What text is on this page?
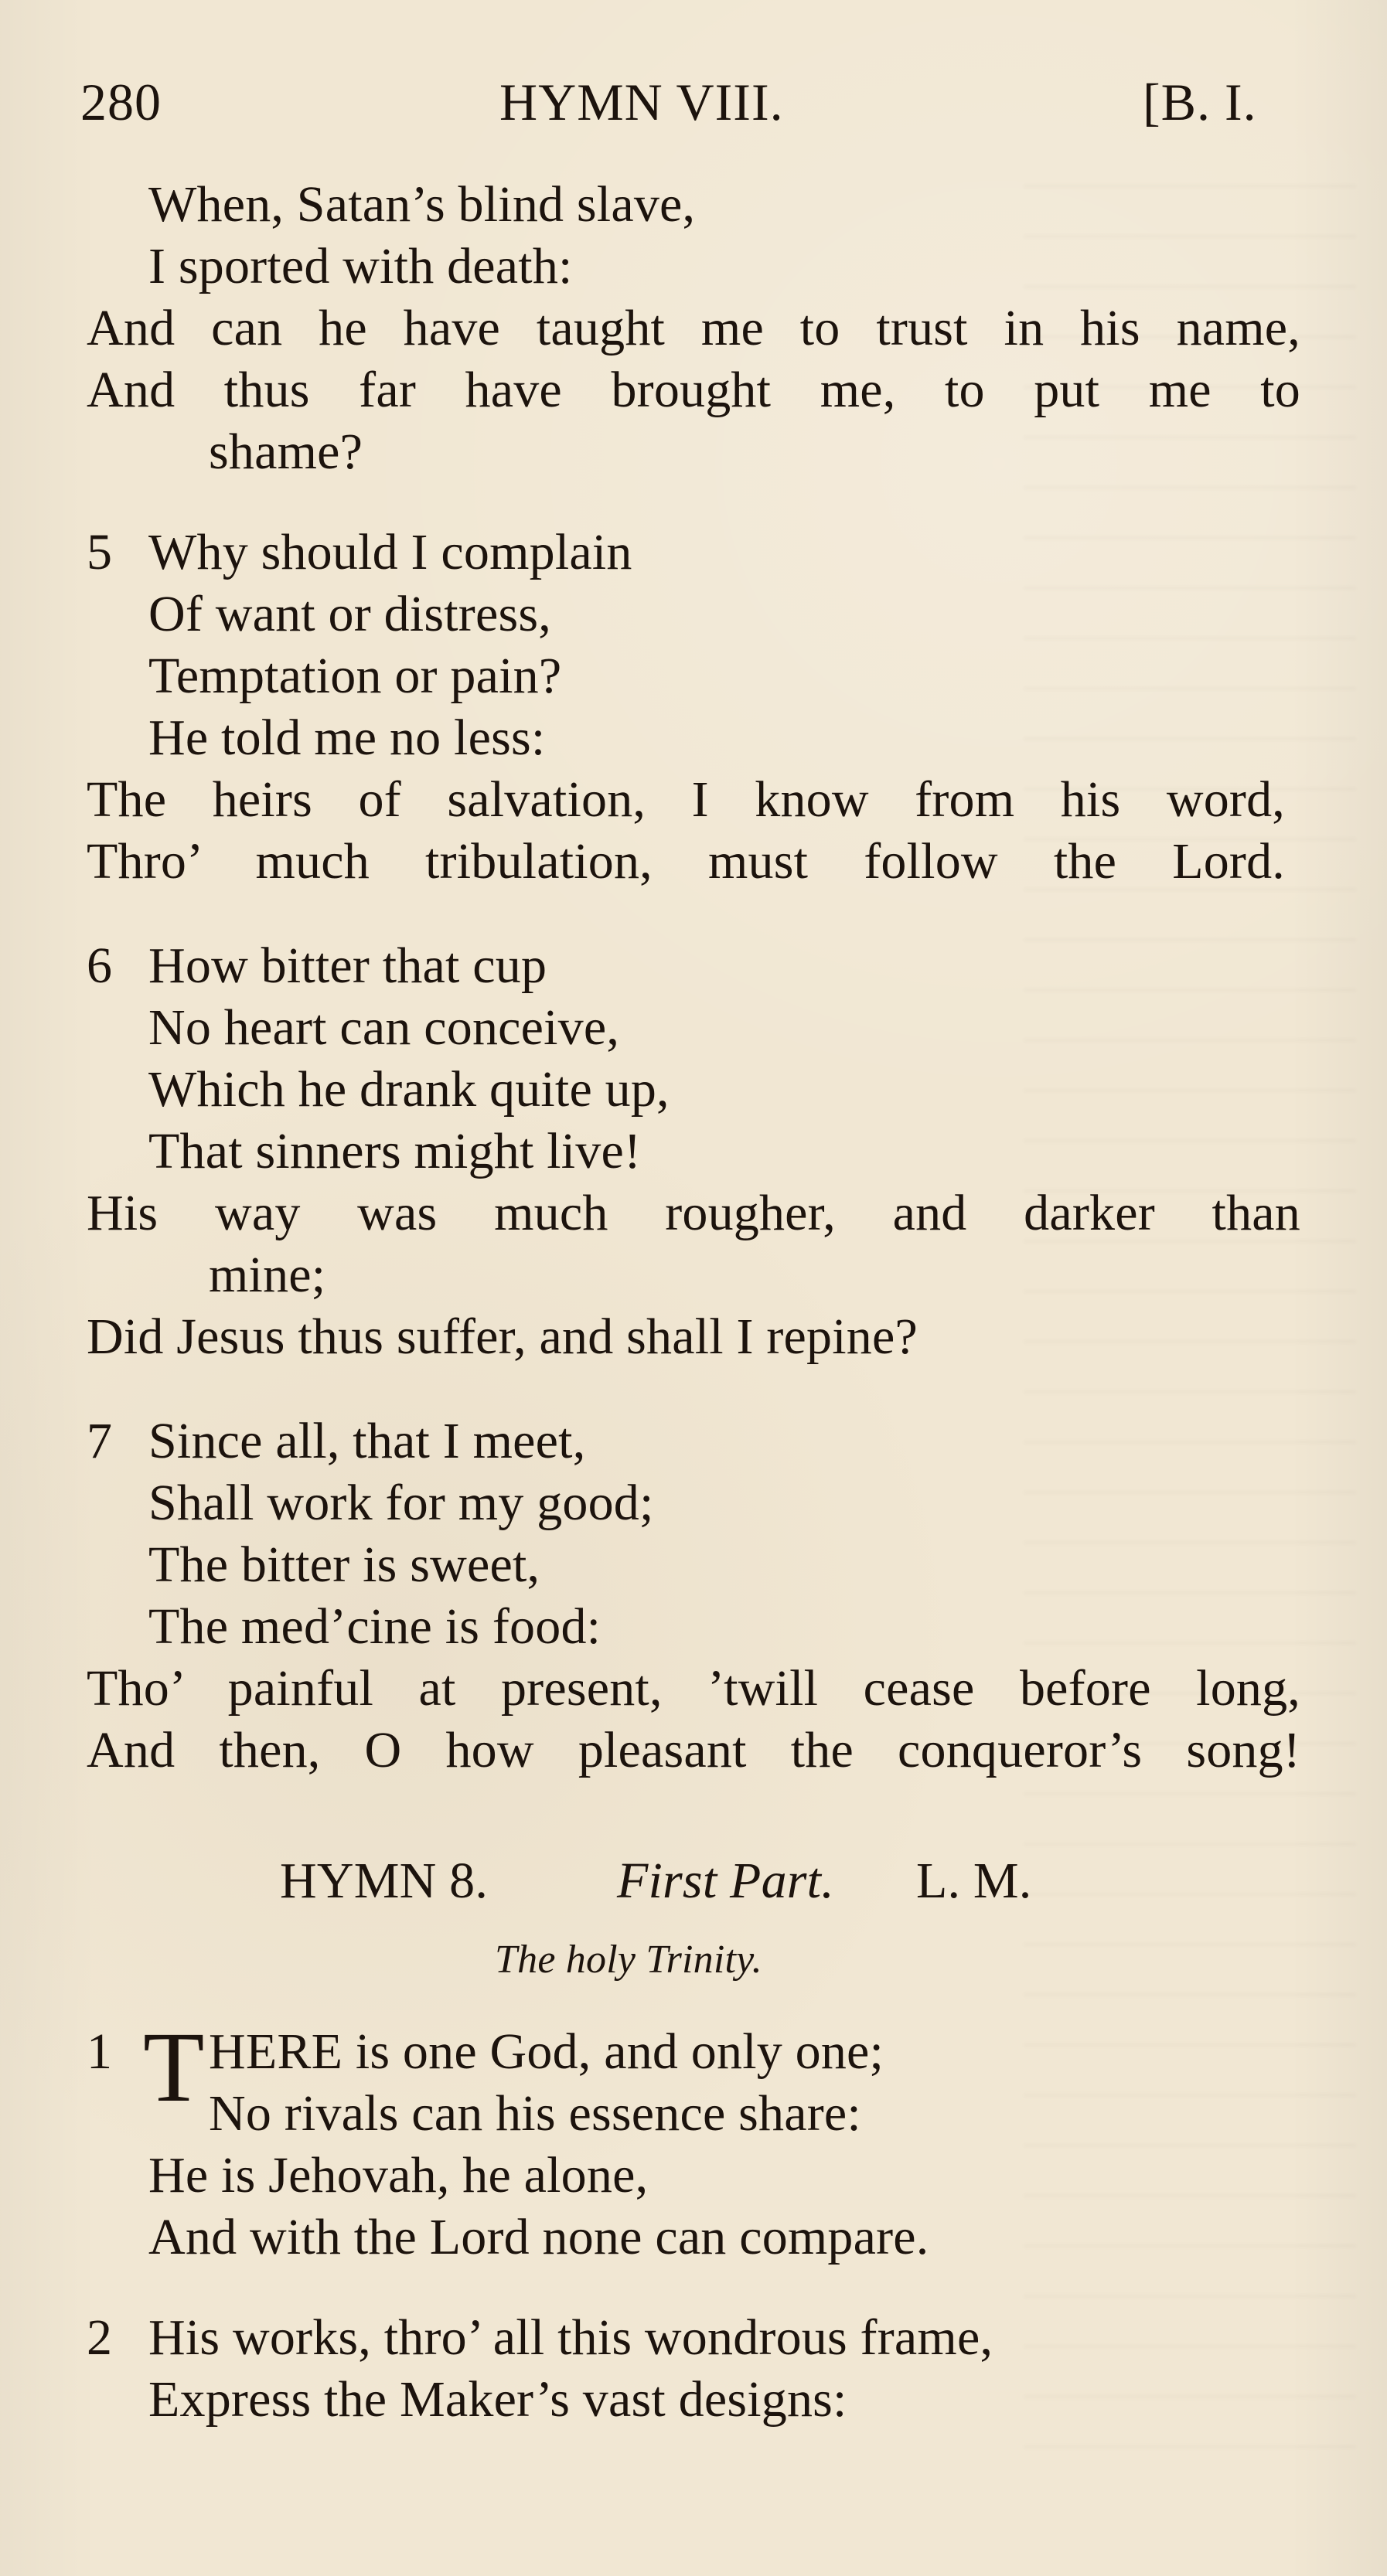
280	HYMN VIII.	[B. I.
When, Satan’s blind slave,
I sported with death:
And can he have taught me to trust in his name,
And thus far have brought me, to put me to
shame?
5 Why should I complain
Of want or distress,
Temptation or pain?
He told me no less:
The heirs of salvation, I know from his word,
Thro’ much tribulation, must follow the Lord.
6 How bitter that cup
No heart can conceive,
Which he drank quite up,
That sinners might live!
His way was much rougher, and darker than
mine;
Did Jesus thus suffer, and shall I repine?
7 Since all, that I meet,
Shall work for my good;
The bitter is sweet,
The med’cine is food:
Tho’ painful at present, ’twill cease before long,
And then, O how pleasant the conqueror’s song!
HYMN 8.	First Part. L. M.
The holy Trinity.
1 T HERE is one God, and only one;
No rivals can his essence share:
He is Jehovah, he alone,
And with the Lord none can compare.
2 His works, thro’ all this wondrous frame,
Express the Maker’s vast designs:
